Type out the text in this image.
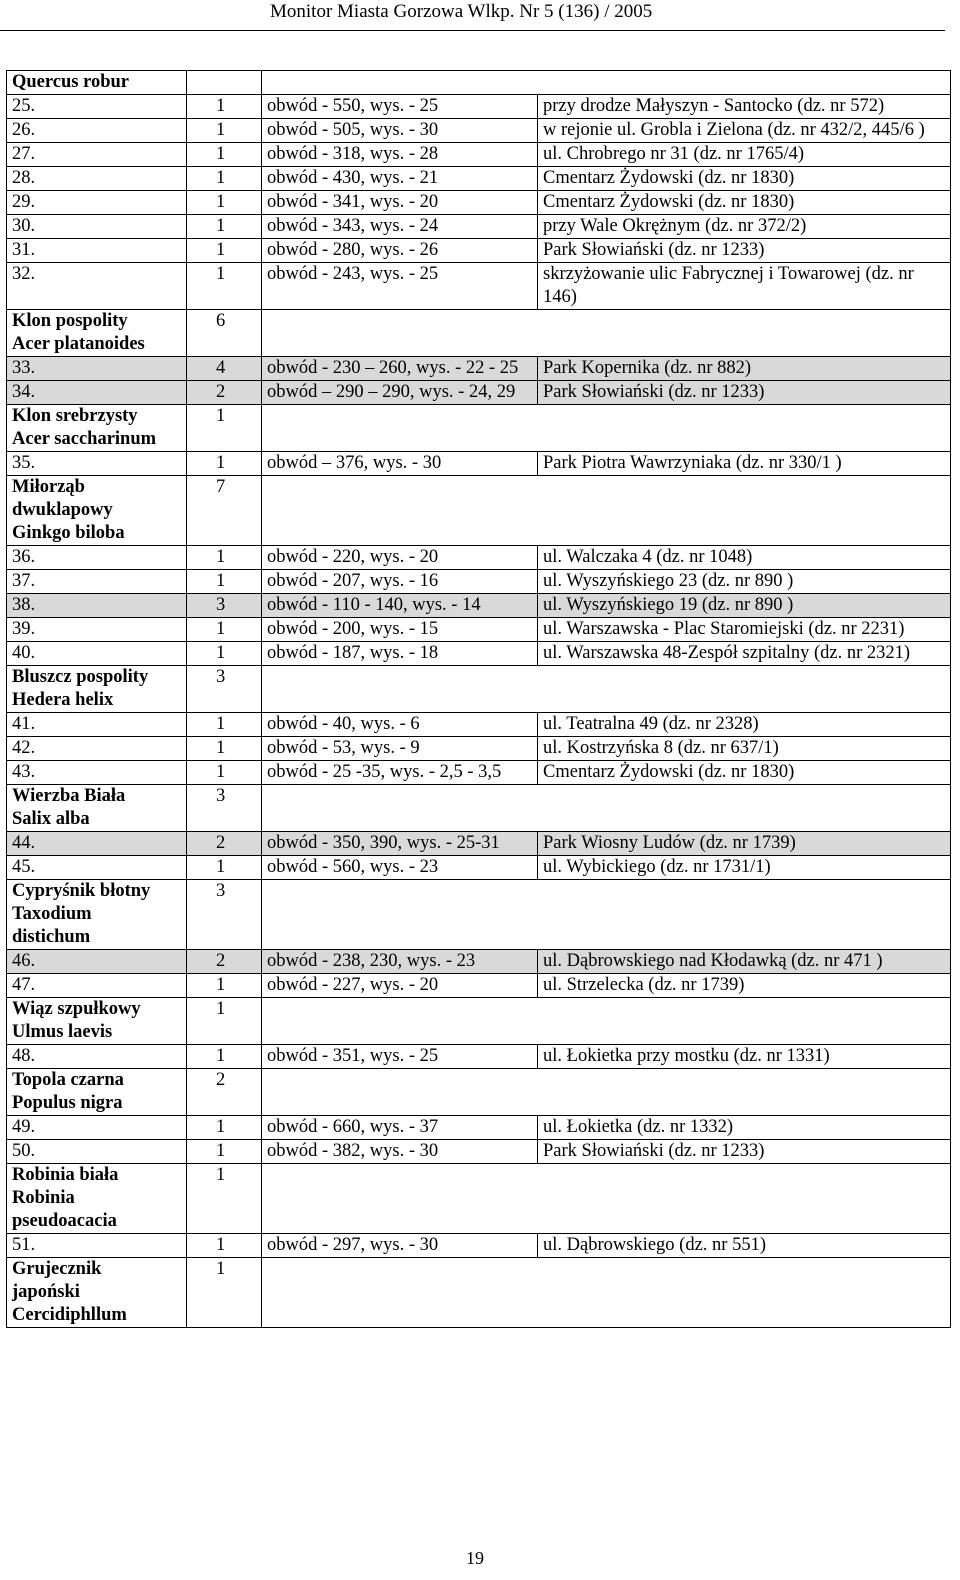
Monitor Miasta Gorzowa Wlkp. Nr 5 (136) / 2005
Quercus robur			

25.	1	obwód - 550, wys. - 25	przy drodze Małyszyn - Santocko (dz. nr 572)
26.	1	obwód - 505, wys. - 30	w rejonie ul. Grobla i Zielona (dz. nr 432/2, 445/6 )
27.	1	obwód - 318, wys. - 28	ul. Chrobrego nr 31 (dz. nr 1765/4)
28.	1	obwód - 430, wys. - 21	Cmentarz Żydowski (dz. nr 1830)
29.	1	obwód - 341, wys. - 20	Cmentarz Żydowski (dz. nr 1830)
30.	1	obwód - 343, wys. - 24	przy Wale Okrężnym (dz. nr 372/2)
31.	1	obwód - 280, wys. - 26	Park Słowiański (dz. nr 1233)
32.	1	obwód - 243, wys. - 25	skrzyżowanie ulic Fabrycznej i Towarowej (dz. nr 146)

Klon pospolity
Acer platanoides	6		
33.	4	obwód - 230 – 260, wys. - 22 - 25	Park Kopernika (dz. nr 882)
34.	2	obwód – 290 – 290, wys. - 24, 29	Park Słowiański (dz. nr 1233)

Klon srebrzysty
Acer saccharinum	1		
35.	1	obwód – 376, wys. - 30	Park Piotra Wawrzyniaka (dz. nr 330/1 )

Miłorząb
dwuklapowy
Ginkgo biloba	7		
36.	1	obwód - 220, wys. - 20	ul. Walczaka 4 (dz. nr 1048)
37.	1	obwód - 207, wys. - 16	ul. Wyszyńskiego 23 (dz. nr 890 )
38.	3	obwód - 110 - 140, wys. - 14	ul. Wyszyńskiego 19 (dz. nr 890 )
39.	1	obwód - 200, wys. - 15	ul. Warszawska - Plac Staromiejski (dz. nr 2231)
40.	1	obwód - 187, wys. - 18	ul. Warszawska 48-Zespół szpitalny (dz. nr 2321)

Bluszcz pospolity
Hedera helix	3		
41.	1	obwód - 40, wys. - 6	ul. Teatralna 49 (dz. nr 2328)
42.	1	obwód - 53, wys. - 9	ul. Kostrzyńska 8 (dz. nr 637/1)
43.	1	obwód - 25 -35, wys. - 2,5 - 3,5	Cmentarz Żydowski (dz. nr 1830)

Wierzba Biała
Salix alba	3		
44.	2	obwód - 350, 390, wys. - 25-31	Park Wiosny Ludów (dz. nr 1739)
45.	1	obwód - 560, wys. - 23	ul. Wybickiego (dz. nr 1731/1)

Cypryśnik błotny
Taxodium
distichum	3		
46.	2	obwód - 238, 230, wys. - 23	ul. Dąbrowskiego nad Kłodawką (dz. nr 471 )
47.	1	obwód - 227, wys. - 20	ul. Strzelecka (dz. nr 1739)

Wiąz szpułkowy
Ulmus laevis	1		
48.	1	obwód - 351, wys. - 25	ul. Łokietka przy mostku (dz. nr 1331)

Topola czarna
Populus nigra	2		
49.	1	obwód - 660, wys. - 37	ul. Łokietka (dz. nr 1332)
50.	1	obwód - 382, wys. - 30	Park Słowiański (dz. nr 1233)

Robinia biała
Robinia
pseudoacacia	1		
51.	1	obwód - 297, wys. - 30	ul. Dąbrowskiego (dz. nr 551)

Grujecznik
japoński
Cercidiphllum	1		
19
